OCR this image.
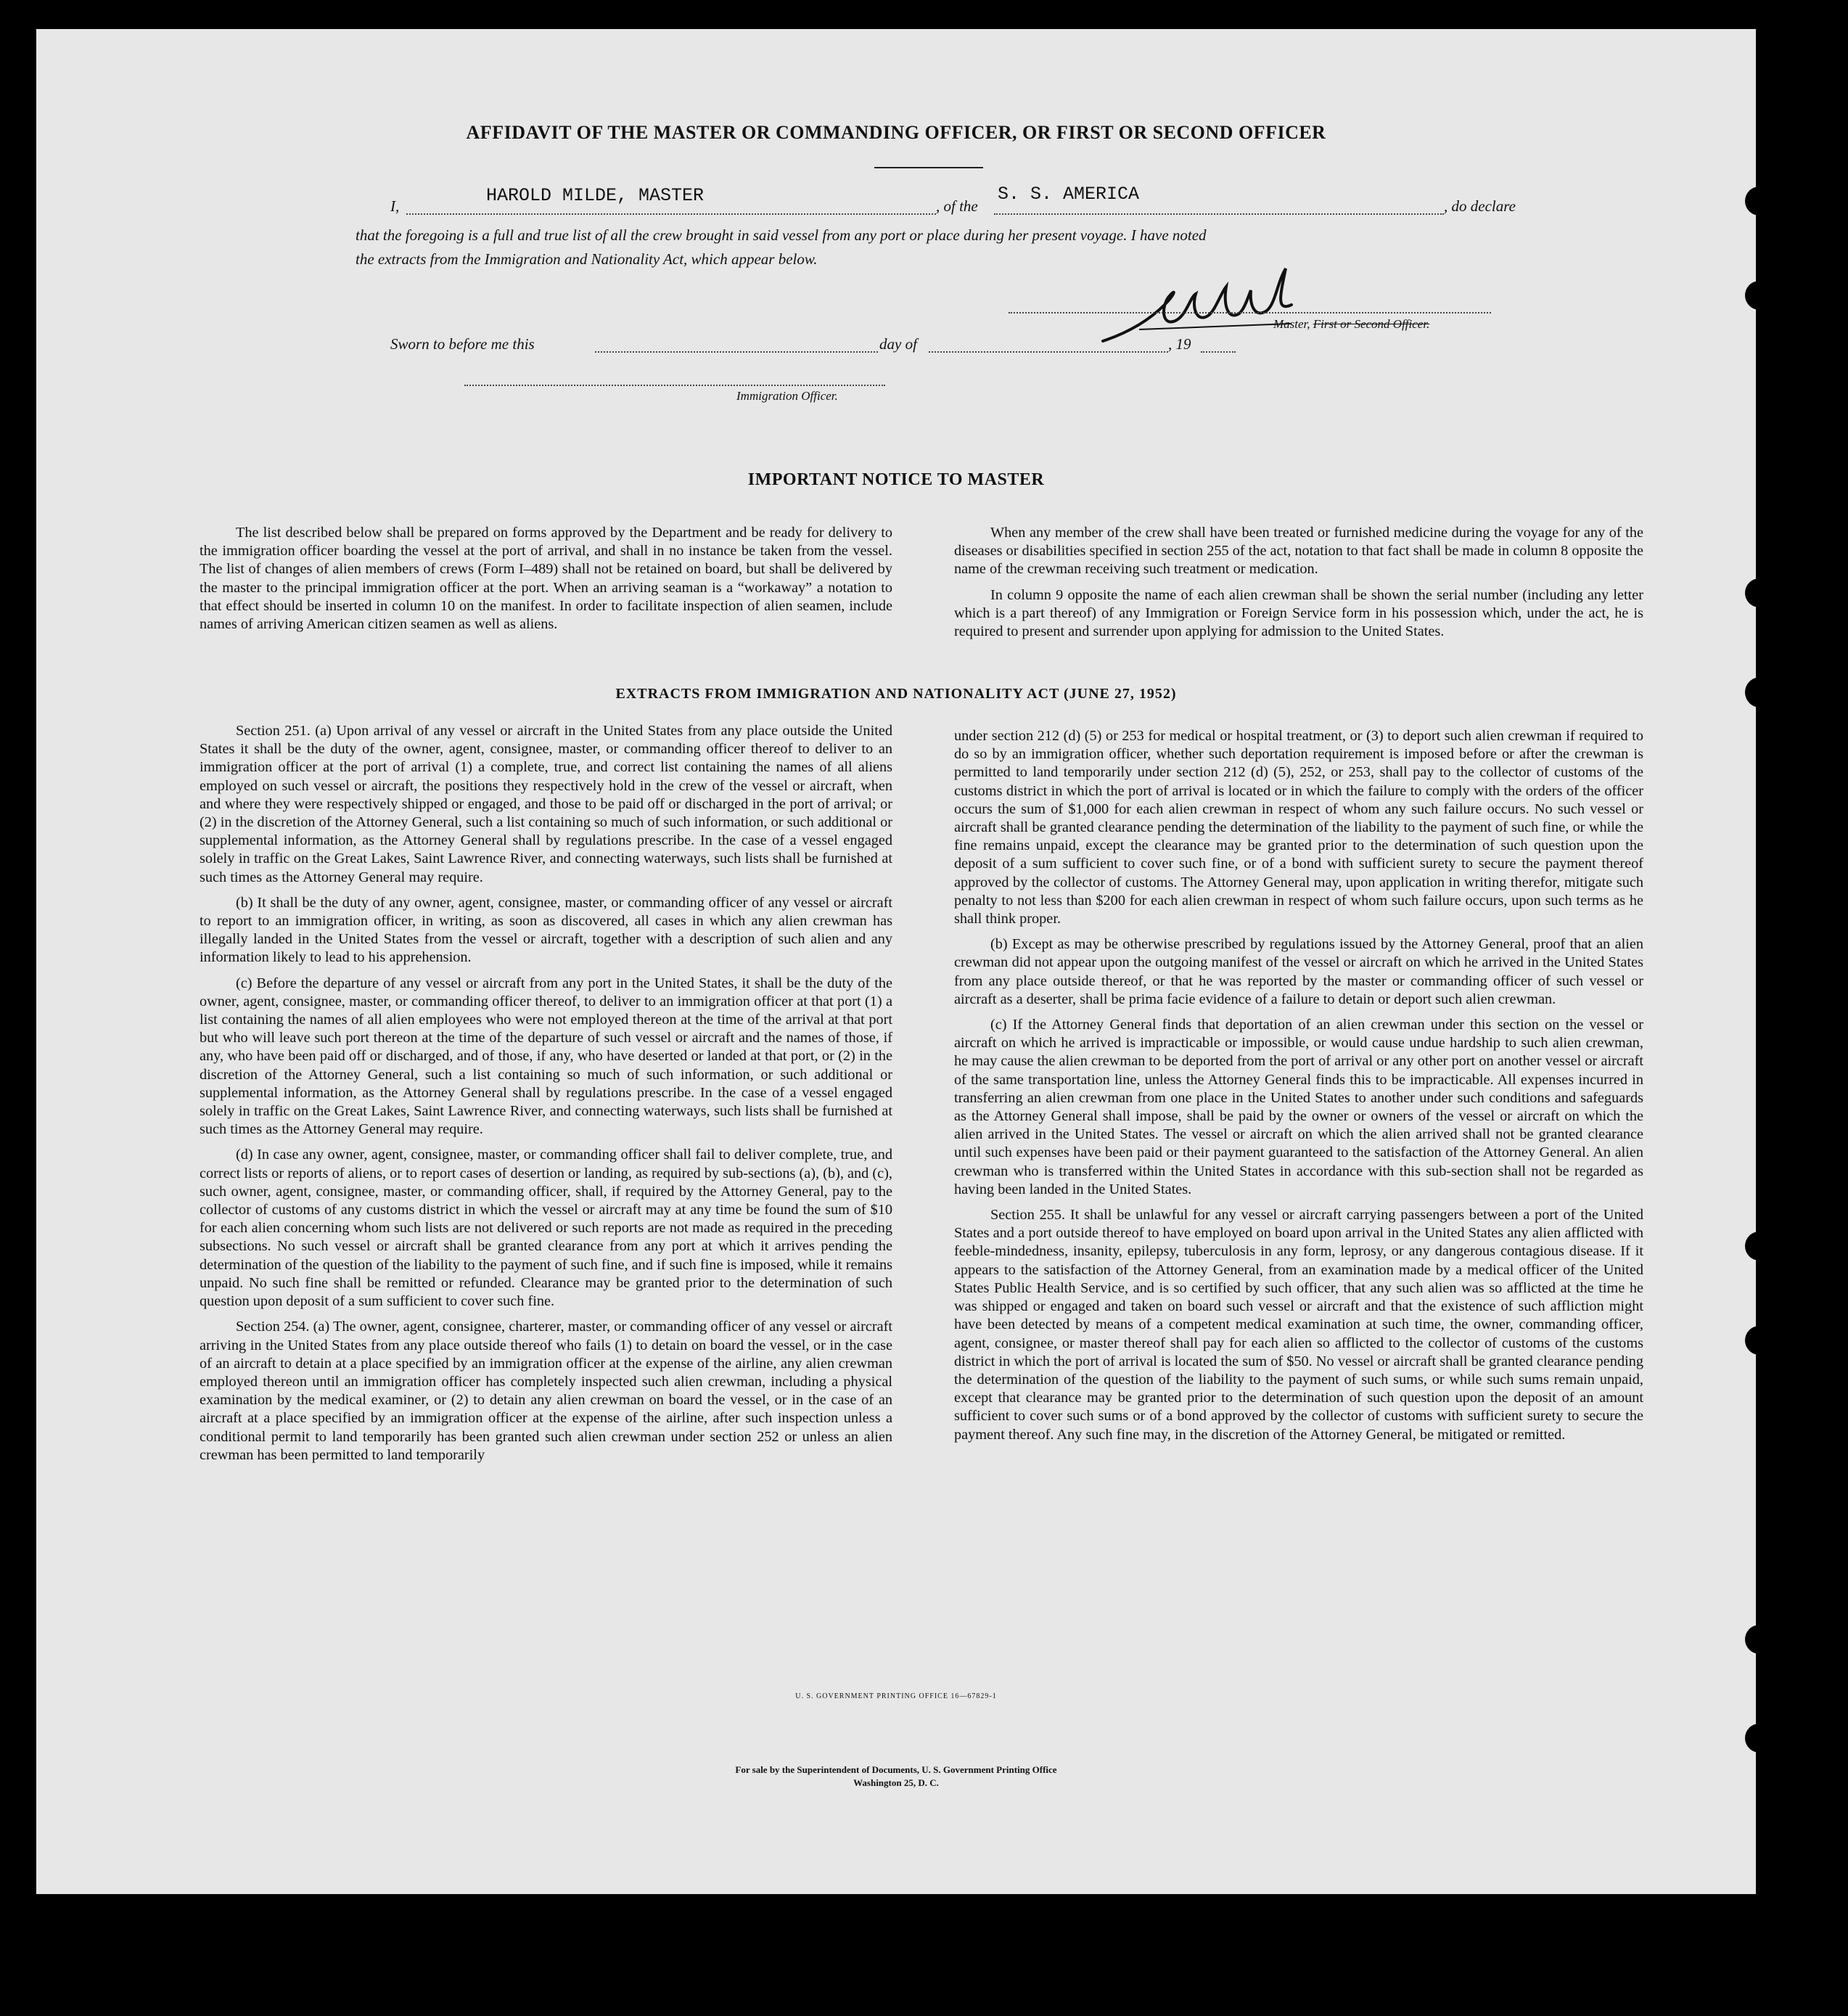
AFFIDAVIT OF THE MASTER OR COMMANDING OFFICER, OR FIRST OR SECOND OFFICER
I,	HAROLD MILDE, MASTER	, of the
S. S. AMERICA
, do declare
that the foregoing is a full and true list of all the crew brought in said vessel from any port or place during her present voyage. I have noted
the extracts from the Immigration and Nationality Act, which appear below.
Master, First or Second Officer.
Sworn to before me this	day of	, 19
Immigration Officer.
IMPORTANT NOTICE TO MASTER

The list described below shall be prepared on forms approved by the Department and be ready for delivery to the immigration officer boarding the vessel at the port of arrival, and shall in no instance be taken from the vessel. The list of changes of alien members of crews (Form I–489) shall not be retained on board, but shall be delivered by the master to the principal immigration officer at the port. When an arriving seaman is a “workaway” a notation to that effect should be inserted in column 10 on the manifest. In order to facilitate inspection of alien seamen, include names of arriving American citizen seamen as well as aliens.

When any member of the crew shall have been treated or furnished medicine during the voyage for any of the diseases or disabilities specified in section 255 of the act, notation to that fact shall be made in column 8 opposite the name of the crewman receiving such treatment or medication.

In column 9 opposite the name of each alien crewman shall be shown the serial number (including any letter which is a part thereof) of any Immigration or Foreign Service form in his possession which, under the act, he is required to present and surrender upon applying for admission to the United States.

EXTRACTS FROM IMMIGRATION AND NATIONALITY ACT (JUNE 27, 1952)

Section 251. (a) Upon arrival of any vessel or aircraft in the United States from any place outside the United States it shall be the duty of the owner, agent, consignee, master, or commanding officer thereof to deliver to an immigration officer at the port of arrival (1) a complete, true, and correct list containing the names of all aliens employed on such vessel or aircraft, the positions they respectively hold in the crew of the vessel or aircraft, when and where they were respectively shipped or engaged, and those to be paid off or discharged in the port of arrival; or (2) in the discretion of the Attorney General, such a list containing so much of such information, or such additional or supplemental information, as the Attorney General shall by regulations prescribe. In the case of a vessel engaged solely in traffic on the Great Lakes, Saint Lawrence River, and connecting waterways, such lists shall be furnished at such times as the Attorney General may require.

(b) It shall be the duty of any owner, agent, consignee, master, or commanding officer of any vessel or aircraft to report to an immigration officer, in writing, as soon as discovered, all cases in which any alien crewman has illegally landed in the United States from the vessel or aircraft, together with a description of such alien and any information likely to lead to his apprehension.

(c) Before the departure of any vessel or aircraft from any port in the United States, it shall be the duty of the owner, agent, consignee, master, or commanding officer thereof, to deliver to an immigration officer at that port (1) a list containing the names of all alien employees who were not employed thereon at the time of the arrival at that port but who will leave such port thereon at the time of the departure of such vessel or aircraft and the names of those, if any, who have been paid off or discharged, and of those, if any, who have deserted or landed at that port, or (2) in the discretion of the Attorney General, such a list containing so much of such information, or such additional or supplemental information, as the Attorney General shall by regulations prescribe. In the case of a vessel engaged solely in traffic on the Great Lakes, Saint Lawrence River, and connecting waterways, such lists shall be furnished at such times as the Attorney General may require.

(d) In case any owner, agent, consignee, master, or commanding officer shall fail to deliver complete, true, and correct lists or reports of aliens, or to report cases of desertion or landing, as required by sub-sections (a), (b), and (c), such owner, agent, consignee, master, or commanding officer, shall, if required by the Attorney General, pay to the collector of customs of any customs district in which the vessel or aircraft may at any time be found the sum of $10 for each alien concerning whom such lists are not delivered or such reports are not made as required in the preceding subsections. No such vessel or aircraft shall be granted clearance from any port at which it arrives pending the determination of the question of the liability to the payment of such fine, and if such fine is imposed, while it remains unpaid. No such fine shall be remitted or refunded. Clearance may be granted prior to the determination of such question upon deposit of a sum sufficient to cover such fine.

Section 254. (a) The owner, agent, consignee, charterer, master, or commanding officer of any vessel or aircraft arriving in the United States from any place outside thereof who fails (1) to detain on board the vessel, or in the case of an aircraft to detain at a place specified by an immigration officer at the expense of the airline, any alien crewman employed thereon until an immigration officer has completely inspected such alien crewman, including a physical examination by the medical examiner, or (2) to detain any alien crewman on board the vessel, or in the case of an aircraft at a place specified by an immigration officer at the expense of the airline, after such inspection unless a conditional permit to land temporarily has been granted such alien crewman under section 252 or unless an alien crewman has been permitted to land temporarily

under section 212 (d) (5) or 253 for medical or hospital treatment, or (3) to deport such alien crewman if required to do so by an immigration officer, whether such deportation requirement is imposed before or after the crewman is permitted to land temporarily under section 212 (d) (5), 252, or 253, shall pay to the collector of customs of the customs district in which the port of arrival is located or in which the failure to comply with the orders of the officer occurs the sum of $1,000 for each alien crewman in respect of whom any such failure occurs. No such vessel or aircraft shall be granted clearance pending the determination of the liability to the payment of such fine, or while the fine remains unpaid, except the clearance may be granted prior to the determination of such question upon the deposit of a sum sufficient to cover such fine, or of a bond with sufficient surety to secure the payment thereof approved by the collector of customs. The Attorney General may, upon application in writing therefor, mitigate such penalty to not less than $200 for each alien crewman in respect of whom such failure occurs, upon such terms as he shall think proper.

(b) Except as may be otherwise prescribed by regulations issued by the Attorney General, proof that an alien crewman did not appear upon the outgoing manifest of the vessel or aircraft on which he arrived in the United States from any place outside thereof, or that he was reported by the master or commanding officer of such vessel or aircraft as a deserter, shall be prima facie evidence of a failure to detain or deport such alien crewman.

(c) If the Attorney General finds that deportation of an alien crewman under this section on the vessel or aircraft on which he arrived is impracticable or impossible, or would cause undue hardship to such alien crewman, he may cause the alien crewman to be deported from the port of arrival or any other port on another vessel or aircraft of the same transportation line, unless the Attorney General finds this to be impracticable. All expenses incurred in transferring an alien crewman from one place in the United States to another under such conditions and safeguards as the Attorney General shall impose, shall be paid by the owner or owners of the vessel or aircraft on which the alien arrived in the United States. The vessel or aircraft on which the alien arrived shall not be granted clearance until such expenses have been paid or their payment guaranteed to the satisfaction of the Attorney General. An alien crewman who is transferred within the United States in accordance with this sub-section shall not be regarded as having been landed in the United States.

Section 255. It shall be unlawful for any vessel or aircraft carrying passengers between a port of the United States and a port outside thereof to have employed on board upon arrival in the United States any alien afflicted with feeble-mindedness, insanity, epilepsy, tuberculosis in any form, leprosy, or any dangerous contagious disease. If it appears to the satisfaction of the Attorney General, from an examination made by a medical officer of the United States Public Health Service, and is so certified by such officer, that any such alien was so afflicted at the time he was shipped or engaged and taken on board such vessel or aircraft and that the existence of such affliction might have been detected by means of a competent medical examination at such time, the owner, commanding officer, agent, consignee, or master thereof shall pay for each alien so afflicted to the collector of customs of the customs district in which the port of arrival is located the sum of $50. No vessel or aircraft shall be granted clearance pending the determination of the question of the liability to the payment of such sums, or while such sums remain unpaid, except that clearance may be granted prior to the determination of such question upon the deposit of an amount sufficient to cover such sums or of a bond approved by the collector of customs with sufficient surety to secure the payment thereof. Any such fine may, in the discretion of the Attorney General, be mitigated or remitted.

U. S. GOVERNMENT PRINTING OFFICE 16—67829-1
For sale by the Superintendent of Documents, U. S. Government Printing Office
Washington 25, D. C.
